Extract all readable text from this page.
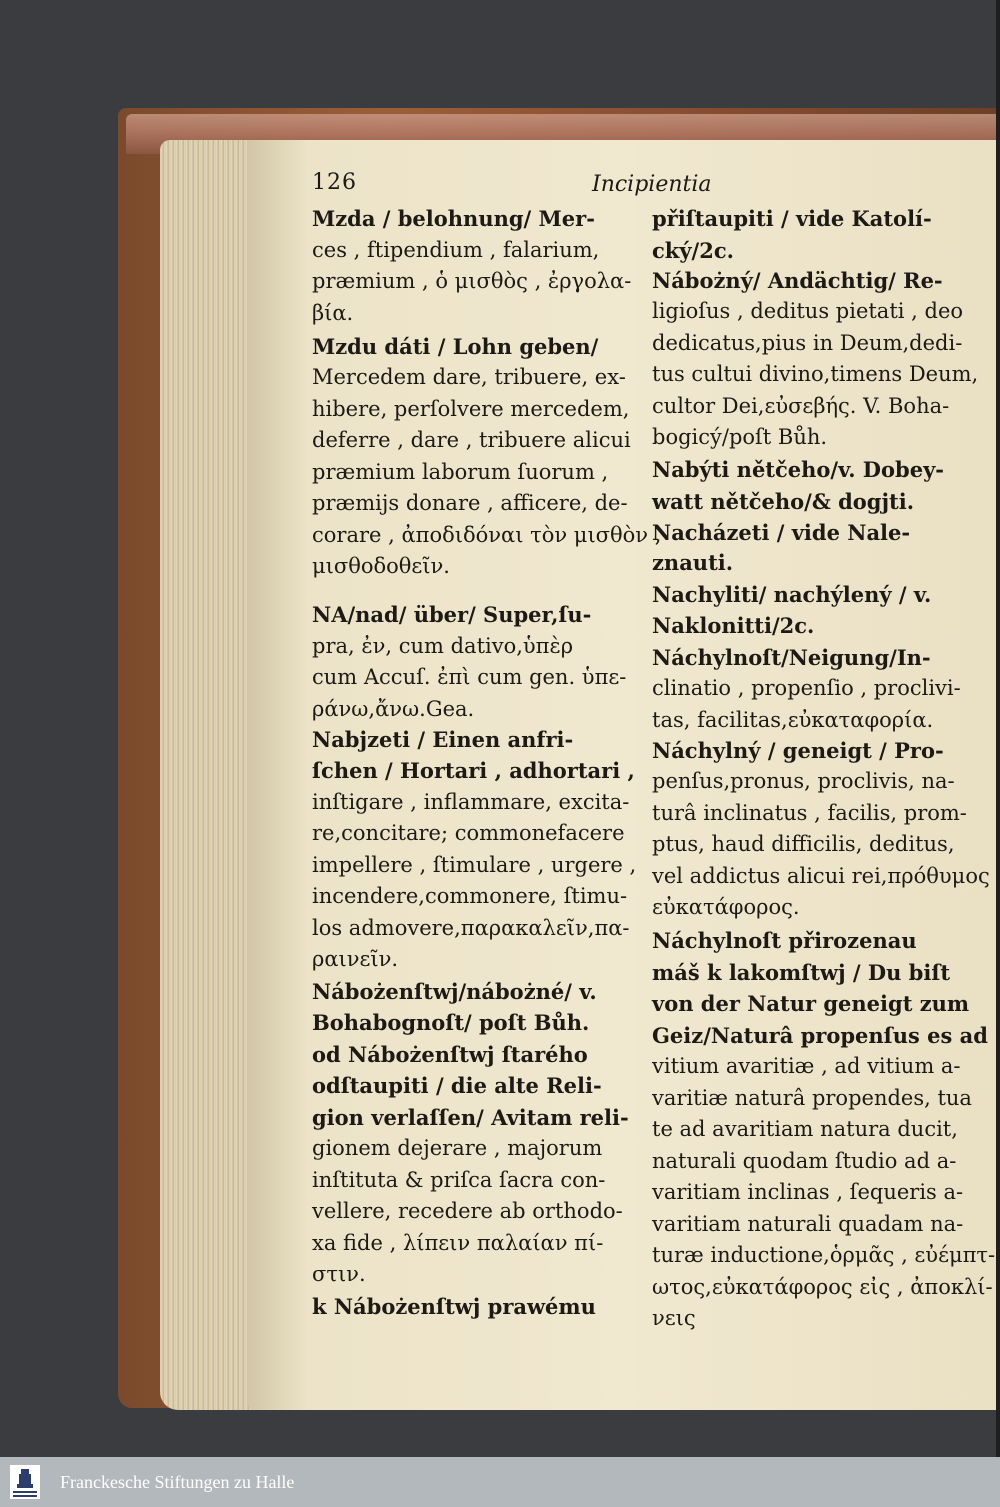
126	Incipientia
Mzda / belohnung/ Mer-
ces , ftipendium , falarium,
præmium , ὁ μισθὸς , ἐργολα-
βία.
Mzdu dáti / Lohn geben/
Mercedem dare, tribuere, ex-
hibere, perſolvere mercedem,
deferre , dare , tribuere alicui
præmium laborum ſuorum ,
præmijs donare , afficere, de-
corare , ἀποδιδόναι τὸν μισθὸν ,
μισθοδοθεῖν.
NA/nad/ über/ Super,ſu-
pra, ἐν, cum dativo,ὑπὲρ
cum Accuſ. ἐπὶ cum gen. ὑπε-
ράνω,ἄνω.Gea.
Nabjzeti / Einen anfri-
ſchen / Hortari , adhortari ,
inſtigare , inflammare, excita-
re,concitare; commonefacere
impellere , ſtimulare , urgere ,
incendere,commonere, ſtimu-
los admovere,παρακαλεῖν,πα-
ραινεῖν.
Nábożenſtwj/nábożné/ v.
Bohabognoſt/ poſt Bůh.
od Nábożenſtwj ſtarého
odſtaupiti / die alte Reli-
gion verlaſſen/ Avitam reli-
gionem dejerare , majorum
inſtituta & priſca ſacra con-
vellere, recedere ab orthodo-
xa fide , λίπειν παλαίαν πί-
στιν.
k Nábożenſtwj prawému
přiſtaupiti / vide Katolí-
cký/2c.
Nábożný/ Andächtig/ Re-
ligioſus , deditus pietati , deo
dedicatus,pius in Deum,dedi-
tus cultui divino,timens Deum,
cultor Dei,εὐσεβής. V. Boha-
bogicý/poſt Bůh.
Nabýti nětčeho/v. Dobey-
watt nětčeho/& dogjti.
Nacházeti / vide Nale-
znauti.
Nachyliti/ nachýlený / v.
Naklonitti/2c.
Náchylnoſt/Neigung/In-
clinatio , propenſio , proclivi-
tas, facilitas,εὐκαταφορία.
Náchylný / geneigt / Pro-
penſus,pronus, proclivis, na-
turâ inclinatus , facilis, prom-
ptus, haud difficilis, deditus,
vel addictus alicui rei,πρόθυμος
εὐκατάφορος.
Náchylnoſt přirozenau
máš k lakomſtwj / Du biſt
von der Natur geneigt zum
Geiz/Naturâ propenſus es ad
vitium avaritiæ , ad vitium a-
varitiæ naturâ propendes, tua
te ad avaritiam natura ducit,
naturali quodam ſtudio ad a-
varitiam inclinas , ſequeris a-
varitiam naturali quadam na-
turæ inductione,ὁρμᾶς , εὐέμπτ-
ωτος,εὐκατάφορος εἰς , ἀποκλί-
νεις
Franckesche Stiftungen zu Halle
